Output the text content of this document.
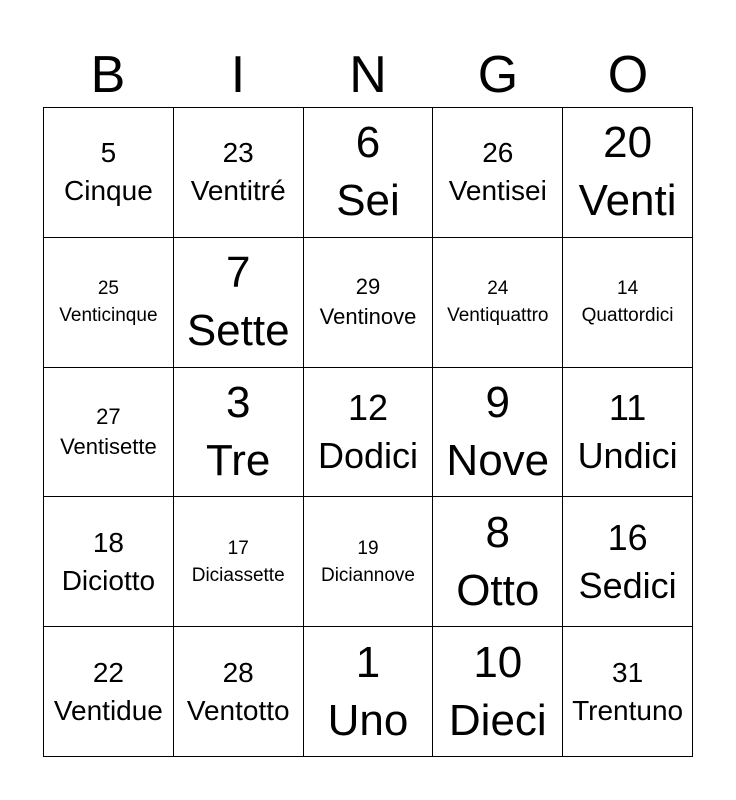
B	I	N	G	O
5
Cinque
23
Ventitré
6
Sei
26
Ventisei
20
Venti
25
Venticinque
7
Sette
29
Ventinove
24
Ventiquattro
14
Quattordici
27
Ventisette
3
Tre
12
Dodici
9
Nove
11
Undici
18
Diciotto
17
Diciassette
19
Diciannove
8
Otto
16
Sedici
22
Ventidue
28
Ventotto
1
Uno
10
Dieci
31
Trentuno
